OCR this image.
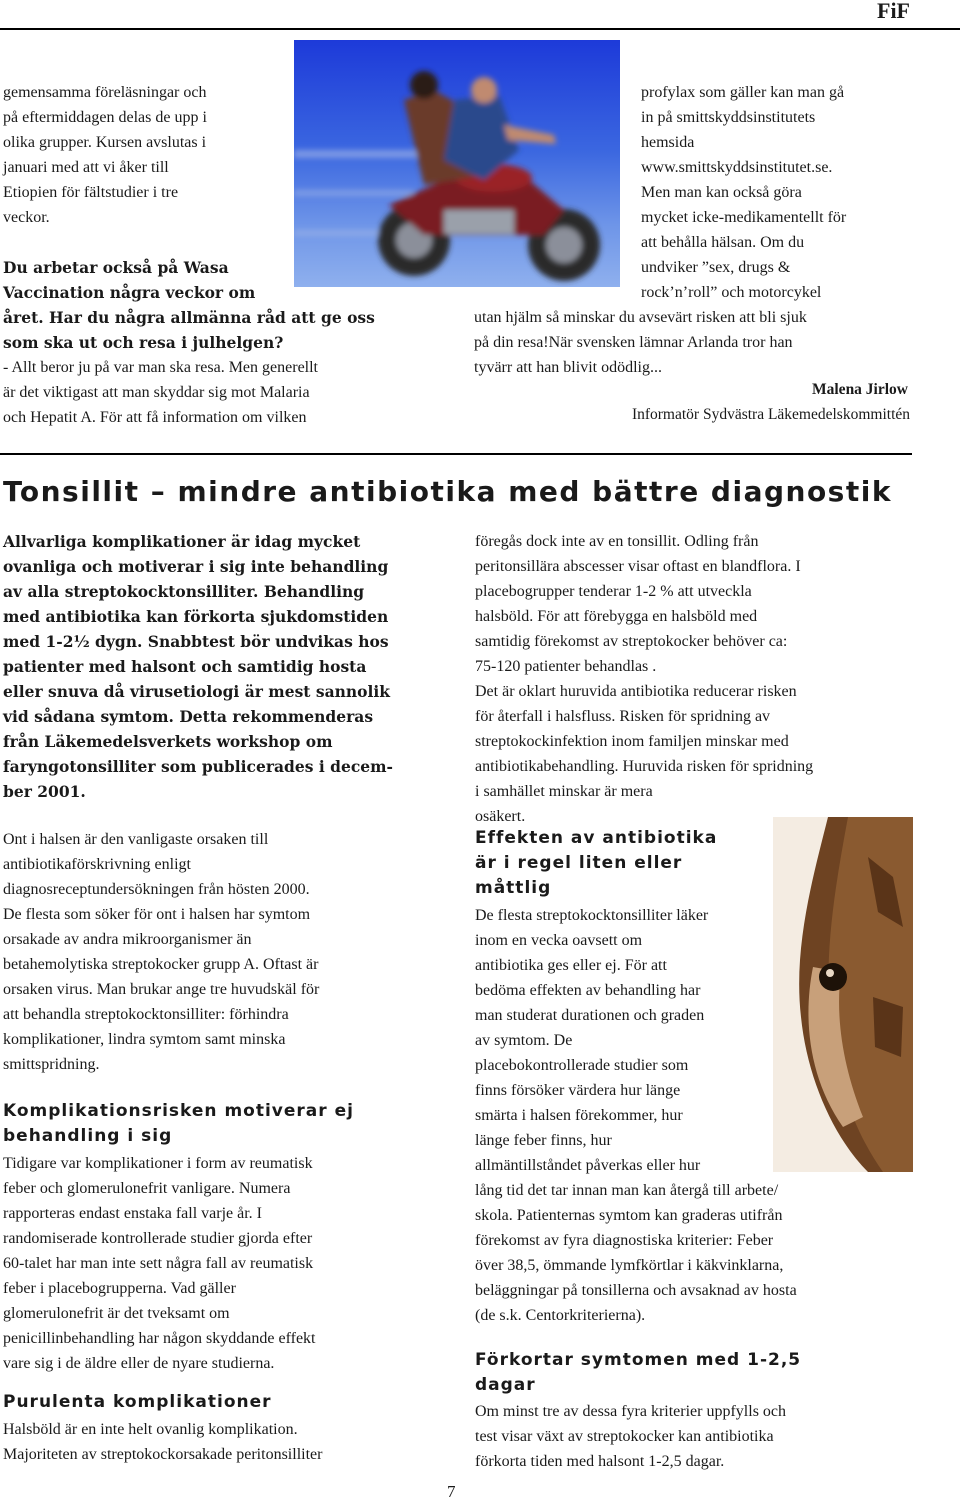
FiF
gemensamma föreläsningar och
på eftermiddagen delas de upp i
olika grupper. Kursen avslutas i
januari med att vi åker till
Etiopien för fältstudier i tre
veckor.
Du arbetar också på Wasa
Vaccination några veckor om
året. Har du några allmänna råd att ge oss
som ska ut och resa i julhelgen?
- Allt beror ju på var man ska resa. Men generellt
är det viktigast att man skyddar sig mot Malaria
och Hepatit A. För att få information om vilken
profylax som gäller kan man gå
in på smittskyddsinstitutets
hemsida
www.smittskyddsinstitutet.se.
Men man kan också göra
mycket icke-medikamentellt för
att behålla hälsan. Om du
undviker ”sex, drugs &
rock’n’roll” och motorcykel
utan hjälm så minskar du avsevärt risken att bli sjuk
på din resa!När svensken lämnar Arlanda tror han
tyvärr att han blivit odödlig...
Malena Jirlow
Informatör Sydvästra Läkemedelskommittén
Tonsillit – mindre antibiotika med bättre diagnostik
Allvarliga komplikationer är idag mycket
ovanliga och motiverar i sig inte behandling
av alla streptokocktonsilliter. Behandling
med antibiotika kan förkorta sjukdomstiden
med 1-2½ dygn. Snabbtest bör undvikas hos
patienter med halsont och samtidig hosta
eller snuva då virusetiologi är mest sannolik
vid sådana symtom. Detta rekommenderas
från Läkemedelsverkets workshop om
faryngotonsilliter som publicerades i decem-
ber 2001.
Ont i halsen är den vanligaste orsaken till
antibiotikaförskrivning enligt
diagnosreceptundersökningen från hösten 2000.
De flesta som söker för ont i halsen har symtom
orsakade av andra mikroorganismer än
betahemolytiska streptokocker grupp A. Oftast är
orsaken virus. Man brukar ange tre huvudskäl för
att behandla streptokocktonsilliter: förhindra
komplikationer, lindra symtom samt minska
smittspridning.
Komplikationsrisken motiverar ej
behandling i sig
Tidigare var komplikationer i form av reumatisk
feber och glomerulonefrit vanligare. Numera
rapporteras endast enstaka fall varje år. I
randomiserade kontrollerade studier gjorda efter
60-talet har man inte sett några fall av reumatisk
feber i placebogrupperna. Vad gäller
glomerulonefrit är det tveksamt om
penicillinbehandling har någon skyddande effekt
vare sig i de äldre eller de nyare studierna.
Purulenta komplikationer
Halsböld är en inte helt ovanlig komplikation.
Majoriteten av streptokockorsakade peritonsilliter
7
föregås dock inte av en tonsillit. Odling från
peritonsillära abscesser visar oftast en blandflora. I
placebogrupper tenderar 1-2 % att utveckla
halsböld. För att förebygga en halsböld med
samtidig förekomst av streptokocker behöver ca:
75-120 patienter behandlas .
Det är oklart huruvida antibiotika reducerar risken
för återfall i halsfluss. Risken för spridning av
streptokockinfektion inom familjen minskar med
antibiotikabehandling. Huruvida risken för spridning
i samhället minskar är mera
osäkert.
Effekten av antibiotika
är i regel liten eller
måttlig
De flesta streptokocktonsilliter läker
inom en vecka oavsett om
antibiotika ges eller ej. För att
bedöma effekten av behandling har
man studerat durationen och graden
av symtom. De
placebokontrollerade studier som
finns försöker värdera hur länge
smärta i halsen förekommer, hur
länge feber finns, hur
allmäntillståndet påverkas eller hur
lång tid det tar innan man kan återgå till arbete/
skola. Patienternas symtom kan graderas utifrån
förekomst av fyra diagnostiska kriterier: Feber
över 38,5, ömmande lymfkörtlar i käkvinklarna,
beläggningar på tonsillerna och avsaknad av hosta
(de s.k. Centorkriterierna).
Förkortar symtomen med 1-2,5
dagar
Om minst tre av dessa fyra kriterier uppfylls och
test visar växt av streptokocker kan antibiotika
förkorta tiden med halsont 1-2,5 dagar.
